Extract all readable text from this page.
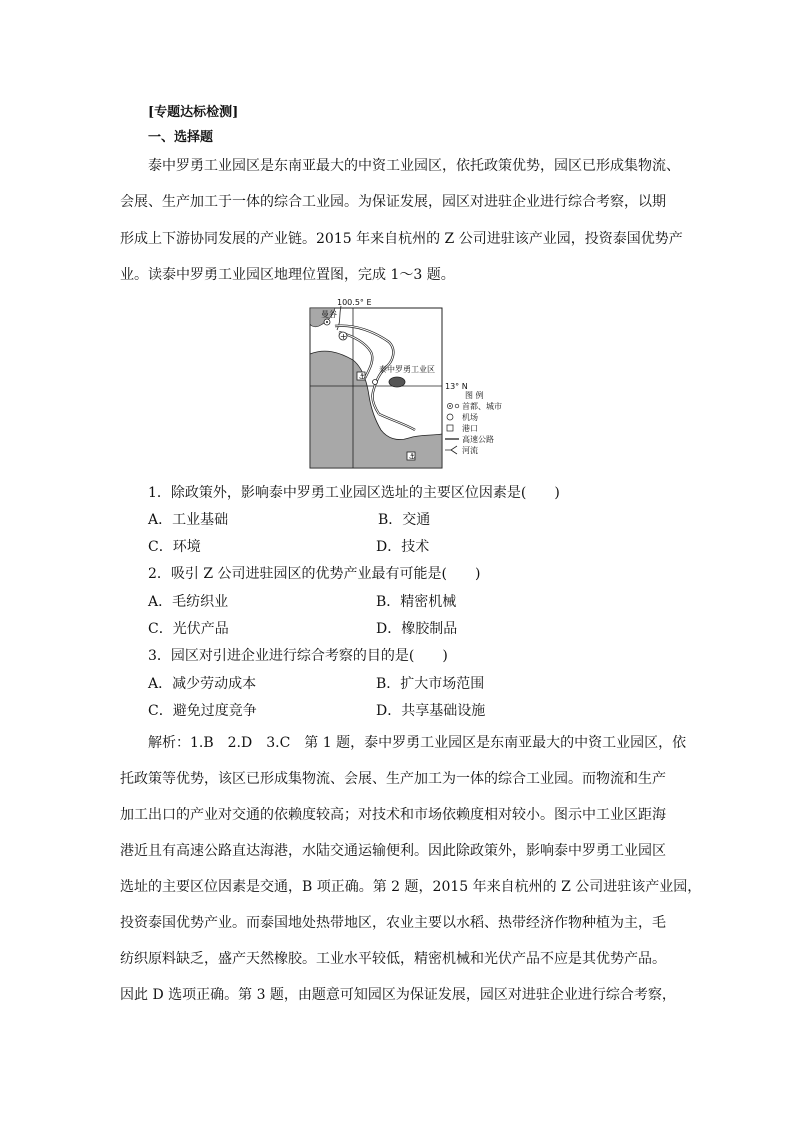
[专题达标检测]
一、选择题
泰中罗勇工业园区是东南亚最大的中资工业园区，依托政策优势，园区已形成集物流、
会展、生产加工于一体的综合工业园。为保证发展，园区对进驻企业进行综合考察，以期
形成上下游协同发展的产业链。2015 年来自杭州的 Z 公司进驻该产业园，投资泰国优势产
业。读泰中罗勇工业园区地理位置图，完成 1～3 题。
曼谷
+
⚓
⚓
泰中罗勇工业区
100.5° E
13° N
图 例
首都、城市
机场
港口
高速公路
河流
1．除政策外，影响泰中罗勇工业园区选址的主要区位因素是(　　)
A．工业基础	B．交通
C．环境	D．技术
2．吸引 Z 公司进驻园区的优势产业最有可能是(　　)
A．毛纺织业	B．精密机械
C．光伏产品	D．橡胶制品
3．园区对引进企业进行综合考察的目的是(　　)
A．减少劳动成本	B．扩大市场范围
C．避免过度竞争	D．共享基础设施
解析：1.B　2.D　3.C　第 1 题，泰中罗勇工业园区是东南亚最大的中资工业园区，依
托政策等优势，该区已形成集物流、会展、生产加工为一体的综合工业园。而物流和生产
加工出口的产业对交通的依赖度较高；对技术和市场依赖度相对较小。图示中工业区距海
港近且有高速公路直达海港，水陆交通运输便利。因此除政策外，影响泰中罗勇工业园区
选址的主要区位因素是交通，B 项正确。第 2 题，2015 年来自杭州的 Z 公司进驻该产业园，
投资泰国优势产业。而泰国地处热带地区，农业主要以水稻、热带经济作物种植为主，毛
纺织原料缺乏，盛产天然橡胶。工业水平较低，精密机械和光伏产品不应是其优势产品。
因此 D 选项正确。第 3 题，由题意可知园区为保证发展，园区对进驻企业进行综合考察，
